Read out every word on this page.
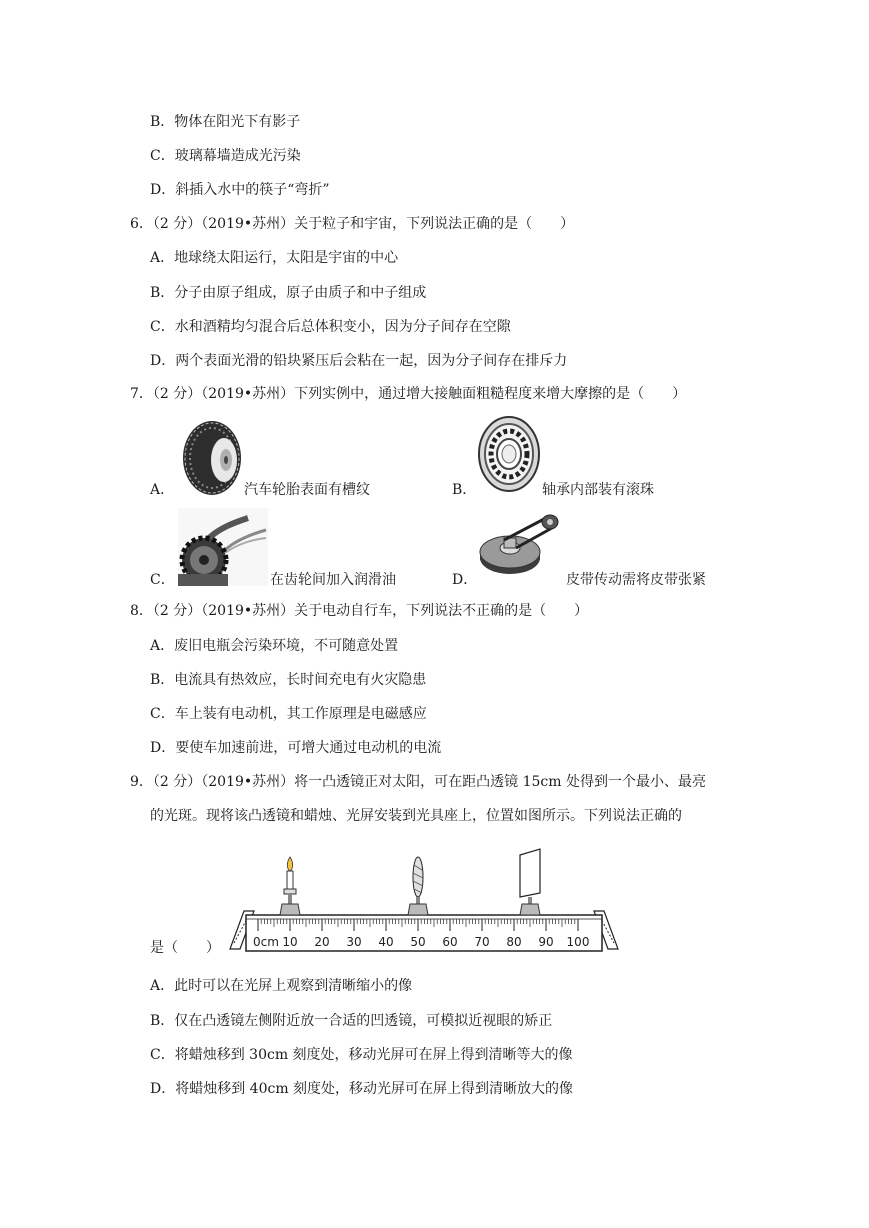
B．物体在阳光下有影子
C．玻璃幕墙造成光污染
D．斜插入水中的筷子“弯折”
6．（2 分）（2019•苏州）关于粒子和宇宙，下列说法正确的是（　　）
A．地球绕太阳运行，太阳是宇宙的中心
B．分子由原子组成，原子由质子和中子组成
C．水和酒精均匀混合后总体积变小，因为分子间存在空隙
D．两个表面光滑的铅块紧压后会粘在一起，因为分子间存在排斥力
7．（2 分）（2019•苏州）下列实例中，通过增大接触面粗糙程度来增大摩擦的是（　　）
A．	汽车轮胎表面有槽纹	B．	轴承内部装有滚珠
C．	在齿轮间加入润滑油	D．	皮带传动需将皮带张紧
8．（2 分）（2019•苏州）关于电动自行车，下列说法不正确的是（　　）
A．废旧电瓶会污染环境，不可随意处置
B．电流具有热效应，长时间充电有火灾隐患
C．车上装有电动机，其工作原理是电磁感应
D．要使车加速前进，可增大通过电动机的电流
9．（2 分）（2019•苏州）将一凸透镜正对太阳，可在距凸透镜 15cm 处得到一个最小、最亮
的光斑。现将该凸透镜和蜡烛、光屏安装到光具座上，位置如图所示。下列说法正确的
是（　　）	0cm 10 20 30 40 50 60 70 80 90 100
A．此时可以在光屏上观察到清晰缩小的像
B．仅在凸透镜左侧附近放一合适的凹透镜，可模拟近视眼的矫正
C．将蜡烛移到 30cm 刻度处，移动光屏可在屏上得到清晰等大的像
D．将蜡烛移到 40cm 刻度处，移动光屏可在屏上得到清晰放大的像
